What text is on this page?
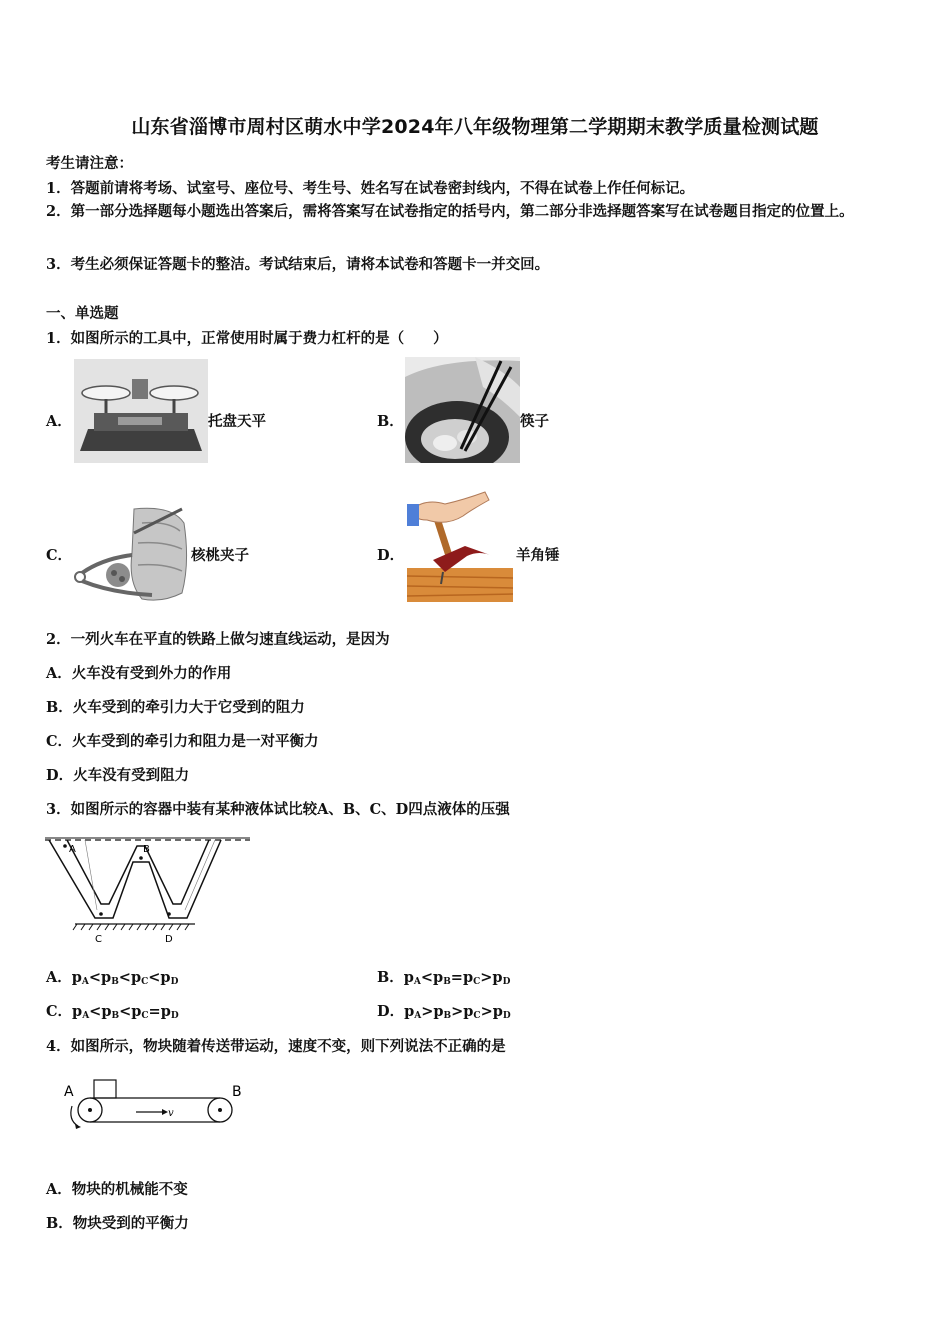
山东省淄博市周村区萌水中学2024年八年级物理第二学期期末教学质量检测试题
考生请注意：
1．答题前请将考场、试室号、座位号、考生号、姓名写在试卷密封线内，不得在试卷上作任何标记。
2．第一部分选择题每小题选出答案后，需将答案写在试卷指定的括号内，第二部分非选择题答案写在试卷题目指定的位置上。
3．考生必须保证答题卡的整洁。考试结束后，请将本试卷和答题卡一并交回。
一、单选题
1．如图所示的工具中，正常使用时属于费力杠杆的是（　　）
A．	托盘天平	B．	筷子
C．	核桃夹子	D．	羊角锤
2．一列火车在平直的铁路上做匀速直线运动，是因为
A．火车没有受到外力的作用
B．火车受到的牵引力大于它受到的阻力
C．火车受到的牵引力和阻力是一对平衡力
D．火车没有受到阻力
3．如图所示的容器中装有某种液体试比较A、B、C、D四点液体的压强
A	B
C	D
A．$p_A<p_B<p_C<p_D$	B．$p_A<p_B=p_C>p_D$
C．$p_A<p_B<p_C=p_D$	D．$p_A>p_B>p_C>p_D$
4．如图所示，物块随着传送带运动，速度不变，则下列说法不正确的是
A	B
v
A．物块的机械能不变
B．物块受到的平衡力
